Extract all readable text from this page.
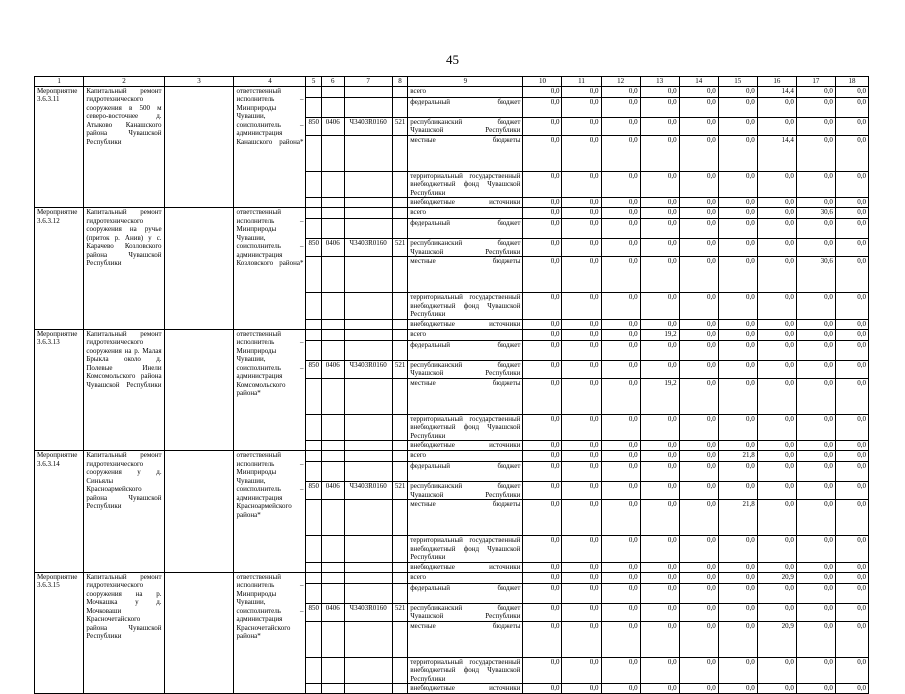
45
1	2	3	4	5	6	7	8	9	10	11	12	13	14	15	16	17	18
Мероприятие 3.6.3.11	Капитальный ремонт гидротехнического сооружения в 500 м северо-восточнее д. Атыково Канашского района Чувашской Республики		ответственный исполнитель – Минприроды Чувашии, соисполнитель – администрация Канашского района*					всего	0,0	0,0	0,0	0,0	0,0	0,0	14,4	0,0	0,0
								федеральный бюджет	0,0	0,0	0,0	0,0	0,0	0,0	0,0	0,0	0,0
				850	0406	Ч3403R0160	521	республиканский бюджет Чувашской Республики	0,0	0,0	0,0	0,0	0,0	0,0	0,0	0,0	0,0
								местные бюджеты	0,0	0,0	0,0	0,0	0,0	0,0	14,4	0,0	0,0
								территориальный государственный внебюджетный фонд Чувашской Республики	0,0	0,0	0,0	0,0	0,0	0,0	0,0	0,0	0,0
								внебюджетные источники	0,0	0,0	0,0	0,0	0,0	0,0	0,0	0,0	0,0
Мероприятие 3.6.3.12	Капитальный ремонт гидротехнического сооружения на ручье (приток р. Анив) у с. Карачево Козловского района Чувашской Республики		ответственный исполнитель – Минприроды Чувашии, соисполнитель – администрация Козловского района*					всего	0,0	0,0	0,0	0,0	0,0	0,0	0,0	30,6	0,0
								федеральный бюджет	0,0	0,0	0,0	0,0	0,0	0,0	0,0	0,0	0,0
				850	0406	Ч3403R0160	521	республиканский бюджет Чувашской Республики	0,0	0,0	0,0	0,0	0,0	0,0	0,0	0,0	0,0
								местные бюджеты	0,0	0,0	0,0	0,0	0,0	0,0	0,0	30,6	0,0
								территориальный государственный внебюджетный фонд Чувашской Республики	0,0	0,0	0,0	0,0	0,0	0,0	0,0	0,0	0,0
								внебюджетные источники	0,0	0,0	0,0	0,0	0,0	0,0	0,0	0,0	0,0
Мероприятие 3.6.3.13	Капитальный ремонт гидротехнического сооружения на р. Малая Брыкла около д. Полевые Инели Комсомольского района Чувашской Республики		ответственный исполнитель – Минприроды Чувашии, соисполнитель – администрация Комсомольского района*					всего	0,0	0,0	0,0	19,2	0,0	0,0	0,0	0,0	0,0
								федеральный бюджет	0,0	0,0	0,0	0,0	0,0	0,0	0,0	0,0	0,0
				850	0406	Ч3403R0160	521	республиканский бюджет Чувашской Республики	0,0	0,0	0,0	0,0	0,0	0,0	0,0	0,0	0,0
								местные бюджеты	0,0	0,0	0,0	19,2	0,0	0,0	0,0	0,0	0,0
								территориальный государственный внебюджетный фонд Чувашской Республики	0,0	0,0	0,0	0,0	0,0	0,0	0,0	0,0	0,0
								внебюджетные источники	0,0	0,0	0,0	0,0	0,0	0,0	0,0	0,0	0,0
Мероприятие 3.6.3.14	Капитальный ремонт гидротехнического сооружения у д. Синьялы Красноармейского района Чувашской Республики		ответственный исполнитель – Минприроды Чувашии, соисполнитель – администрация Красноармейского района*					всего	0,0	0,0	0,0	0,0	0,0	21,8	0,0	0,0	0,0
								федеральный бюджет	0,0	0,0	0,0	0,0	0,0	0,0	0,0	0,0	0,0
				850	0406	Ч3403R0160	521	республиканский бюджет Чувашской Республики	0,0	0,0	0,0	0,0	0,0	0,0	0,0	0,0	0,0
								местные бюджеты	0,0	0,0	0,0	0,0	0,0	21,8	0,0	0,0	0,0
								территориальный государственный внебюджетный фонд Чувашской Республики	0,0	0,0	0,0	0,0	0,0	0,0	0,0	0,0	0,0
								внебюджетные источники	0,0	0,0	0,0	0,0	0,0	0,0	0,0	0,0	0,0
Мероприятие 3.6.3.15	Капитальный ремонт гидротехнического сооружения на р. Мочкашка у д. Мочковаши Красночетайского района Чувашской Республики		ответственный исполнитель – Минприроды Чувашии, соисполнитель – администрация Красночетайского района*					всего	0,0	0,0	0,0	0,0	0,0	0,0	20,9	0,0	0,0
								федеральный бюджет	0,0	0,0	0,0	0,0	0,0	0,0	0,0	0,0	0,0
				850	0406	Ч3403R0160	521	республиканский бюджет Чувашской Республики	0,0	0,0	0,0	0,0	0,0	0,0	0,0	0,0	0,0
								местные бюджеты	0,0	0,0	0,0	0,0	0,0	0,0	20,9	0,0	0,0
								территориальный государственный внебюджетный фонд Чувашской Республики	0,0	0,0	0,0	0,0	0,0	0,0	0,0	0,0	0,0
								внебюджетные источники	0,0	0,0	0,0	0,0	0,0	0,0	0,0	0,0	0,0
